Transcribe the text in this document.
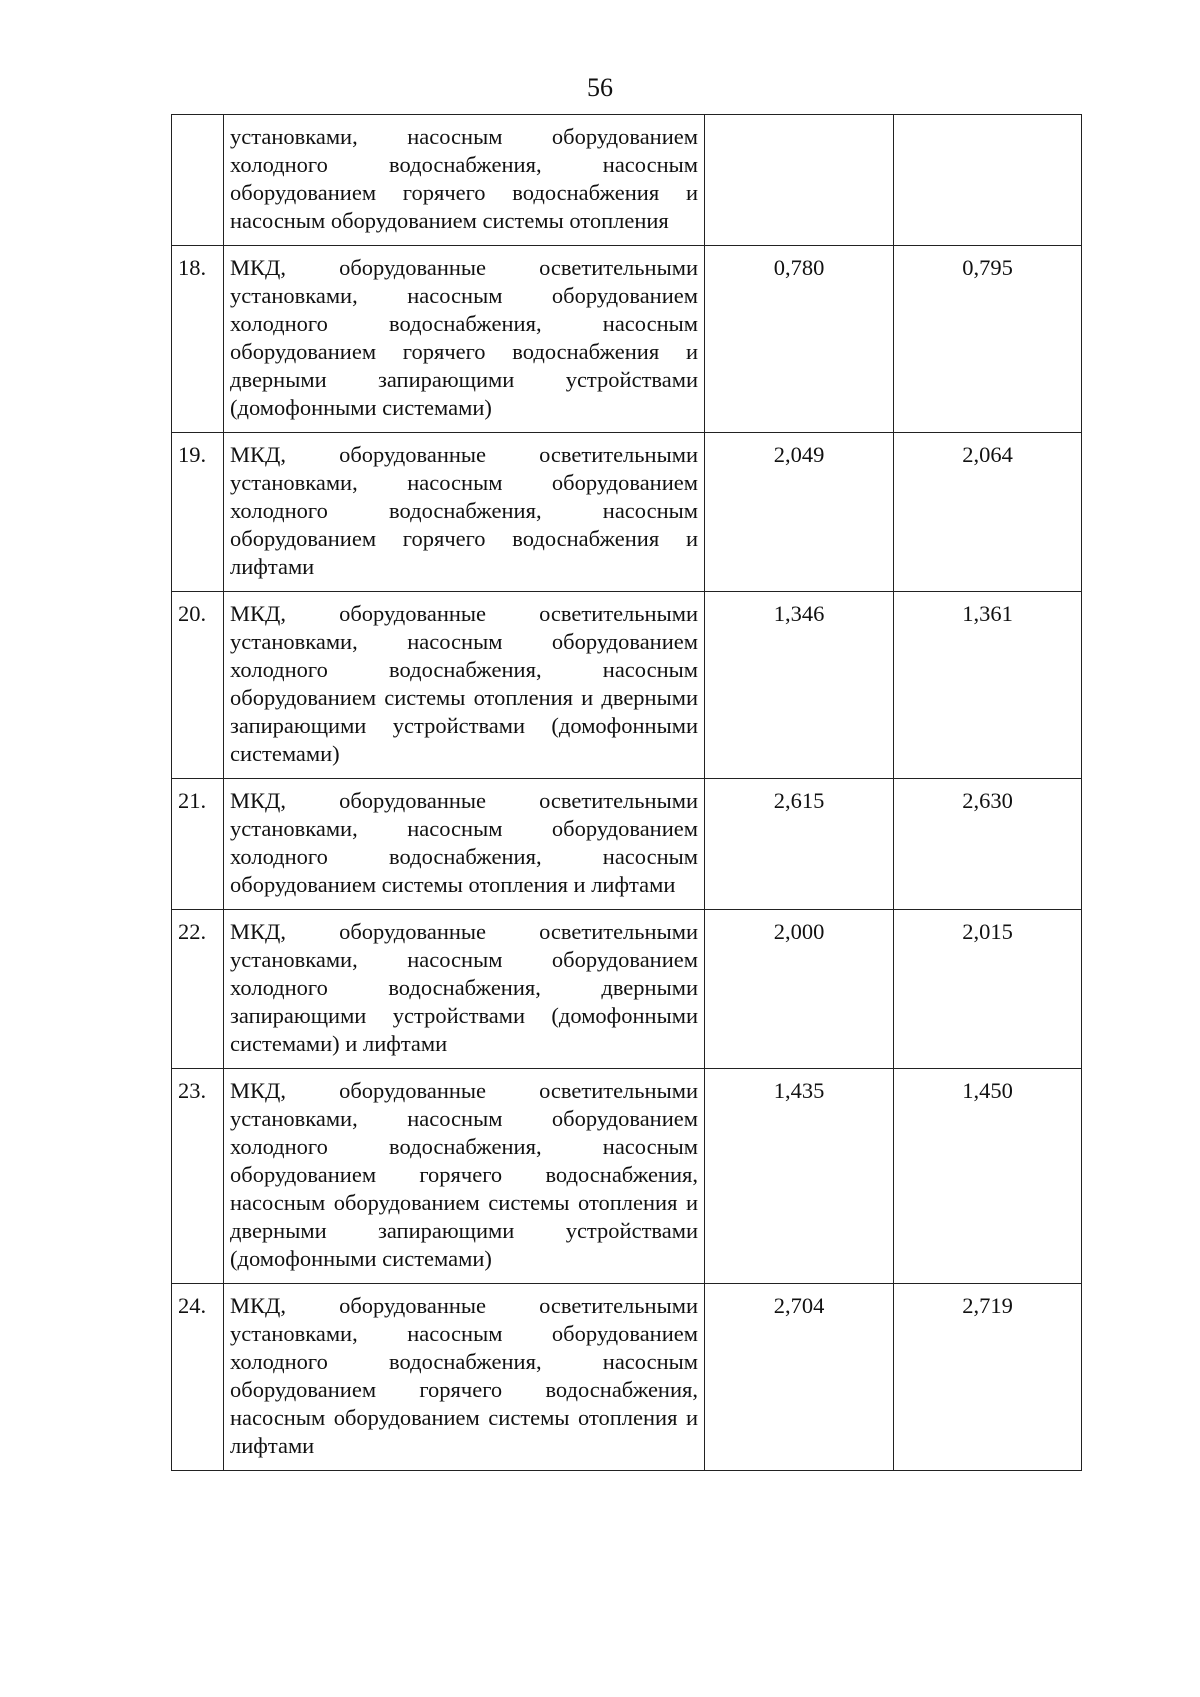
56
	установками, насосным оборудованием холодного водоснабжения, насосным оборудованием горячего водоснабжения и насосным оборудованием системы отопления		
18.	МКД, оборудованные осветительными установками, насосным оборудованием холодного водоснабжения, насосным оборудованием горячего водоснабжения и дверными запирающими устройствами (домофонными системами)	0,780	0,795
19.	МКД, оборудованные осветительными установками, насосным оборудованием холодного водоснабжения, насосным оборудованием горячего водоснабжения и лифтами	2,049	2,064
20.	МКД, оборудованные осветительными установками, насосным оборудованием холодного водоснабжения, насосным оборудованием системы отопления и дверными запирающими устройствами (домофонными системами)	1,346	1,361
21.	МКД, оборудованные осветительными установками, насосным оборудованием холодного водоснабжения, насосным оборудованием системы отопления и лифтами	2,615	2,630
22.	МКД, оборудованные осветительными установками, насосным оборудованием холодного водоснабжения, дверными запирающими устройствами (домофонными системами) и лифтами	2,000	2,015
23.	МКД, оборудованные осветительными установками, насосным оборудованием холодного водоснабжения, насосным оборудованием горячего водоснабжения, насосным оборудованием системы отопления и дверными запирающими устройствами (домофонными системами)	1,435	1,450
24.	МКД, оборудованные осветительными установками, насосным оборудованием холодного водоснабжения, насосным оборудованием горячего водоснабжения, насосным оборудованием системы отопления и лифтами	2,704	2,719
